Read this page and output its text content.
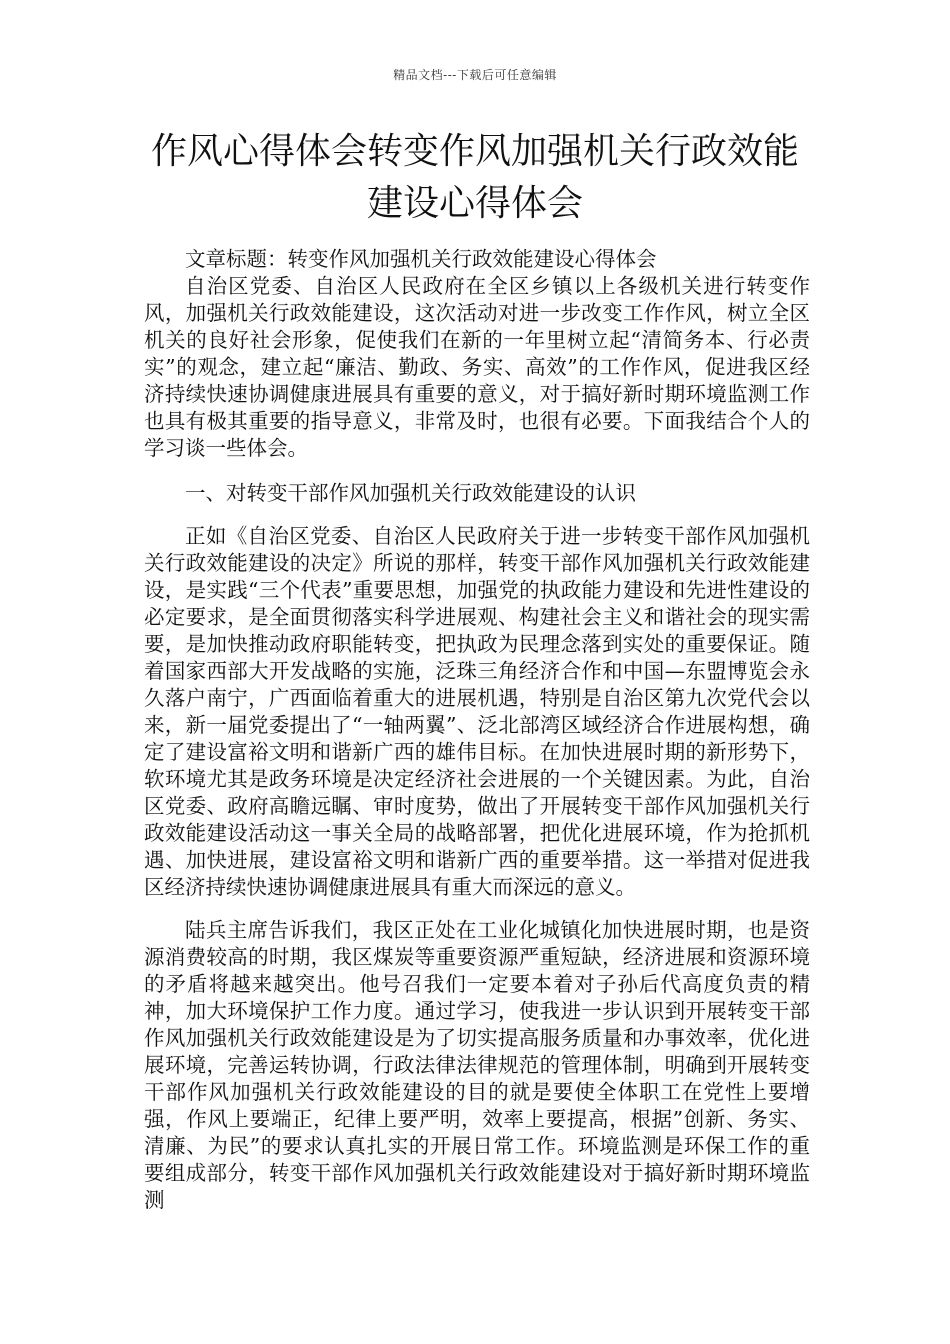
精品文档---下载后可任意编辑
作风心得体会转变作风加强机关行政效能建设心得体会

文章标题：转变作风加强机关行政效能建设心得体会

自治区党委、自治区人民政府在全区乡镇以上各级机关进行转变作风，加强机关行政效能建设，这次活动对进一步改变工作作风，树立全区机关的良好社会形象，促使我们在新的一年里树立起“清简务本、行必责实”的观念，建立起“廉洁、勤政、务实、高效”的工作作风，促进我区经济持续快速协调健康进展具有重要的意义，对于搞好新时期环境监测工作也具有极其重要的指导意义，非常及时，也很有必要。下面我结合个人的学习谈一些体会。

一、对转变干部作风加强机关行政效能建设的认识

正如《自治区党委、自治区人民政府关于进一步转变干部作风加强机关行政效能建设的决定》所说的那样，转变干部作风加强机关行政效能建设，是实践“三个代表”重要思想，加强党的执政能力建设和先进性建设的必定要求，是全面贯彻落实科学进展观、构建社会主义和谐社会的现实需要，是加快推动政府职能转变，把执政为民理念落到实处的重要保证。随着国家西部大开发战略的实施，泛珠三角经济合作和中国—东盟博览会永久落户南宁，广西面临着重大的进展机遇，特别是自治区第九次党代会以来，新一届党委提出了“一轴两翼”、泛北部湾区域经济合作进展构想，确定了建设富裕文明和谐新广西的雄伟目标。在加快进展时期的新形势下，软环境尤其是政务环境是决定经济社会进展的一个关键因素。为此，自治区党委、政府高瞻远瞩、审时度势，做出了开展转变干部作风加强机关行政效能建设活动这一事关全局的战略部署，把优化进展环境，作为抢抓机遇、加快进展，建设富裕文明和谐新广西的重要举措。这一举措对促进我区经济持续快速协调健康进展具有重大而深远的意义。

陆兵主席告诉我们，我区正处在工业化城镇化加快进展时期，也是资源消费较高的时期，我区煤炭等重要资源严重短缺，经济进展和资源环境的矛盾将越来越突出。他号召我们一定要本着对子孙后代高度负责的精神，加大环境保护工作力度。通过学习，使我进一步认识到开展转变干部作风加强机关行政效能建设是为了切实提高服务质量和办事效率，优化进展环境，完善运转协调，行政法律法律规范的管理体制，明确到开展转变干部作风加强机关行政效能建设的目的就是要使全体职工在党性上要增强，作风上要端正，纪律上要严明，效率上要提高，根据”创新、务实、清廉、为民”的要求认真扎实的开展日常工作。环境监测是环保工作的重要组成部分，转变干部作风加强机关行政效能建设对于搞好新时期环境监测
